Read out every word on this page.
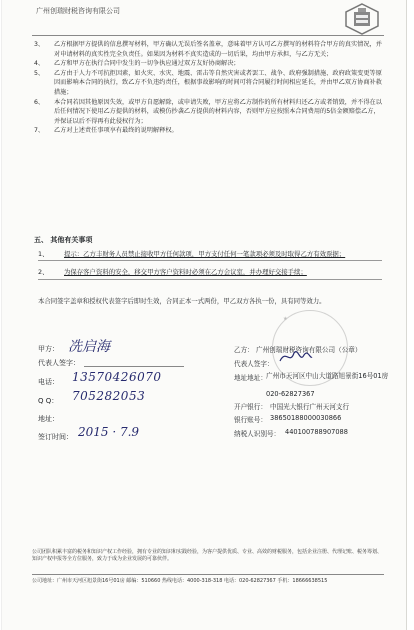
广州创瑞财税咨询有限公司
3、	乙方根据甲方提供的信息撰写材料，甲方确认无误后签名盖章，意味着甲方认可乙方撰写的材料符合甲方的真实情况，并对申请材料的真实性完全负责任。如果因为材料不真实造成的一切后果，均由甲方承担，与乙方无关；
4、	乙方和甲方在执行合同中发生的一切争执应通过双方友好协商解决；
5、	乙方由于人力不可抗拒因素，如火灾、水灾、地震、雷击等自然灾害或者罢工、战争、政府强制措施、政府政策变更等原因而影响本合同的执行，致乙方不负违约责任，根据事故影响的时间可将合同履行时间相应延长，并由甲乙双方协商补救措施；
6、	本合同若因其他原因失效，或甲方自愿解除，或申请失败，甲方应将乙方制作的所有材料归还乙方或者销毁，并不得在以后任何情况下使用乙方提供的材料，或模仿抄袭乙方提供的材料内容，否则甲方应按照本合同费用的5倍金额赔偿乙方，并保证以后不得再有此侵权行为；
7、	乙方对上述责任事项享有最终的说明解释权。
五、 其他有关事项
1、	提示：乙方丰财务人员禁止接收甲方任何款项，甲方支付任何一笔款项必须及时取得乙方有效票据；
2、	为保存客户资料的安全，移交甲方客户资料时必须在乙方会议室，并办理好交接手续；
本合同签字盖章和授权代表签字后即时生效，合同正本一式两份，甲乙双方各执一份，具有同等效力。
甲方： 冼启海
代表人签字：
电话： 13570426070
Q Q： 705282053
地址：
签订时间： 2015 · 7.9
★
乙方： 广州创瑞财税咨询有限公司（公章）
代表人签字：
地址地址： 广州市天河区中山大道路旭景街16号01房
开户银行： 中国光大银行广州天河支行
银行账号： 38650188000030866
纳税人识别号： 440100788907088
020-62827367
公司团队积累丰富的税务和知识产权工作经验，拥有专业的知识和实践经验，为客户提供优质、专业、高效的财税服务，包括企业注册、代理记账、税务筹划、知识产权申报等全方位服务，致力于成为企业发展的可靠伙伴。
公司地址：广州市天河区旭景街16号01房 邮编：510660 热线电话：4000-318-318 电话：020-62827367 手机：18666638515
